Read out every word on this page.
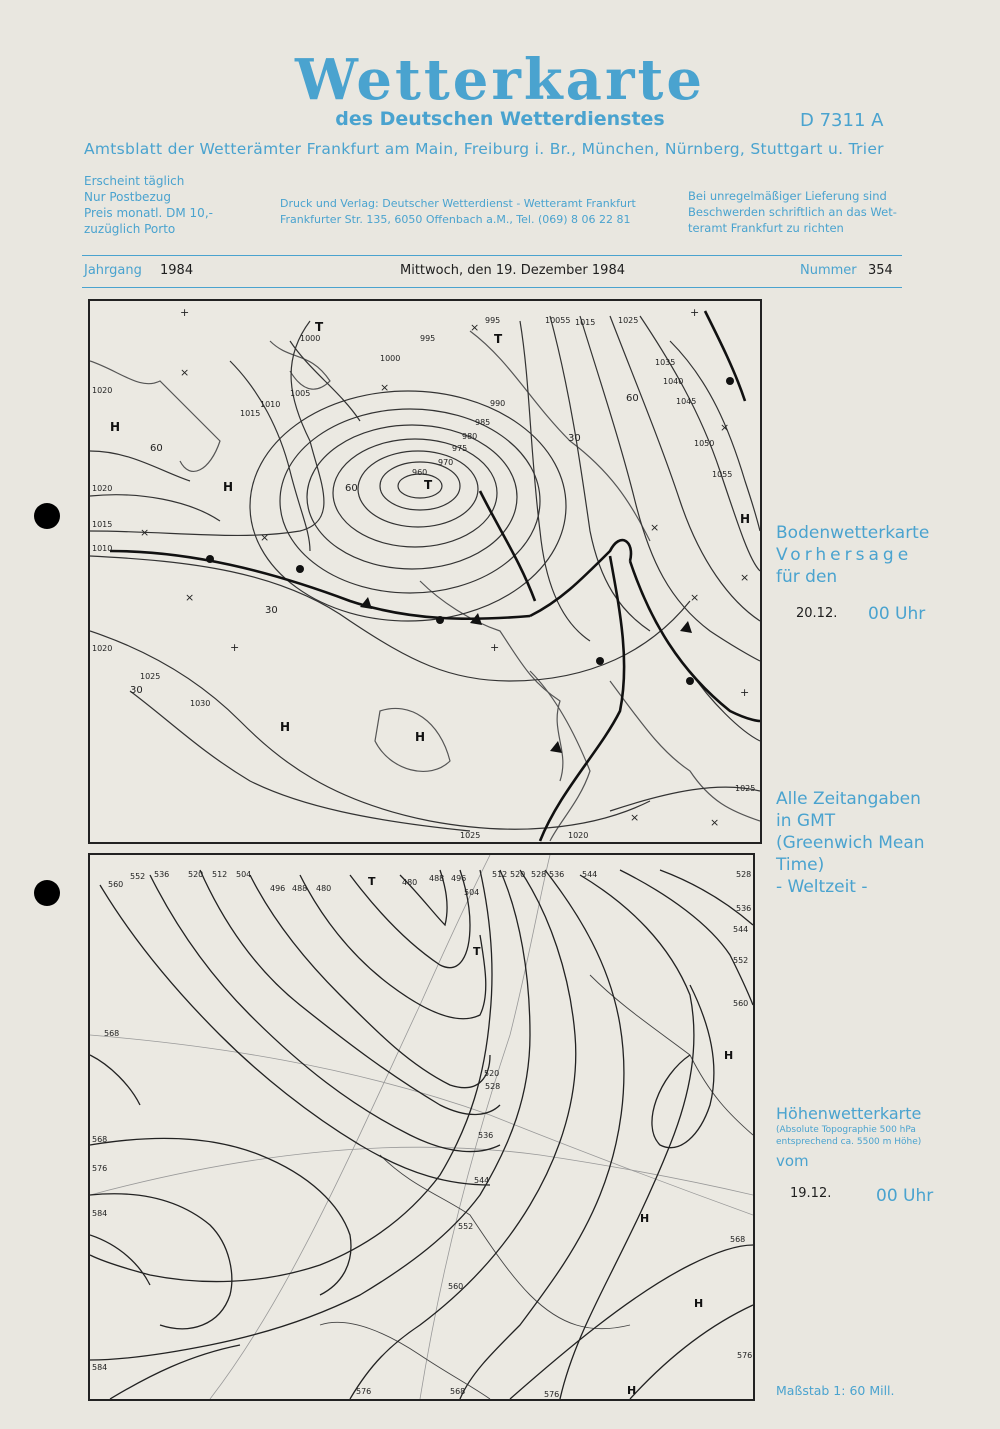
Wetterkarte
des Deutschen Wetterdienstes	D 7311 A
Amtsblatt der Wetterämter Frankfurt am Main, Freiburg i. Br., München, Nürnberg, Stuttgart u. Trier
Erscheint täglich
Nur Postbezug
Preis monatl. DM 10,-
zuzüglich Porto
Druck und Verlag: Deutscher Wetterdienst - Wetteramt Frankfurt
Frankfurter Str. 135, 6050 Offenbach a.M., Tel. (069) 8 06 22 81
Bei unregelmäßiger Lieferung sind
Beschwerden schriftlich an das Wet-
teramt Frankfurt zu richten
Jahrgang 1984	Mittwoch, den 19. Dezember 1984	Nummer 354
1000	995
995	10055 1015	1025
1000
1005
1010
1015
1020
1020
1015
1010
1020
1025
1030
990
985
980
975
970
960
1035
1040
1045
1050
1055
1025
1025	1020
60
60
30
30
30
60
H
H
H
H
H
T
T
T
+
×
+
×
×
×
×
×
×
×
×
×
+
×	×
+
+
560
552 536 520 512 504
496 488 480
480 488 496
504
512 520 528 536 544	528
536
544
552
560
568
568
568
576
584
584
576	568	576
576
560
552
544
536
528
520
T
T
H
H
H
H
Bodenwetterkarte
Vorhersage
für den
20.12. 00 Uhr
Alle Zeitangaben
in GMT
(Greenwich Mean
Time)
- Weltzeit -
Höhenwetterkarte
(Absolute Topographie 500 hPa
entsprechend ca. 5500 m Höhe)
vom
19.12.	00 Uhr
Maßstab 1: 60 Mill.
